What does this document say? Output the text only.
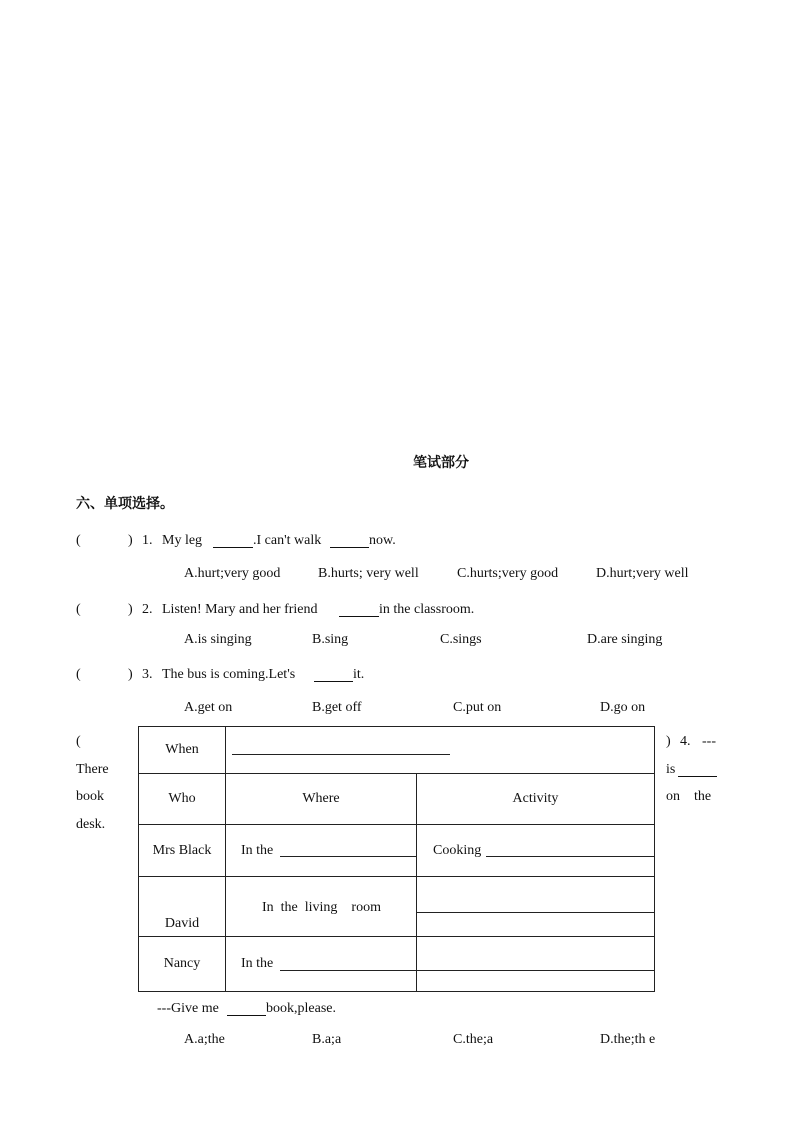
笔试部分
六、单项选择。
(	) 1. My leg	.I can't walk	now.
A.hurt;very good	B.hurts; very well	C.hurts;very good	D.hurt;very well
(	) 2. Listen! Mary and her friend	in the classroom.
A.is singing	B.sing	C.sings	D.are singing
(	) 3. The bus is coming.Let's	it.
A.get on	B.get off	C.put on	D.go on
(
There
book
desk.
) 4. ---
is
on    the
---Give me	book,please.
A.a;the	B.a;a	C.the;a	D.the;th e
When		

Who	Where	Activity
Mrs Black	In the	Cooking

David	In  the  living    room

Nancy	In the
